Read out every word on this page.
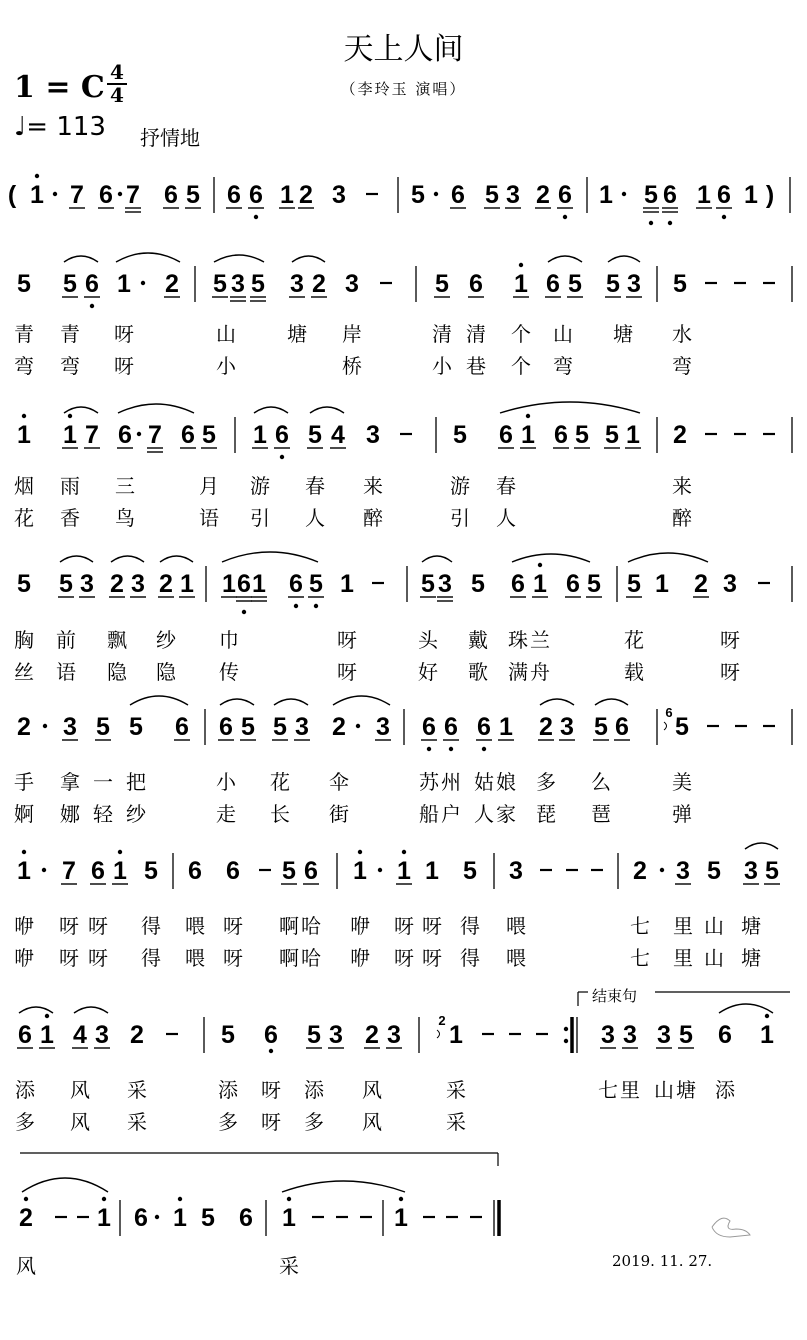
天上人间
（李玲玉 演唱）
1 = C 4
4
♩= 113 抒情地
结束句
( 1 7 6 7 6 5 6 6 1 2 3	5 6 5 3 2 6 1 5 6 1 6 1 )
5 5 6 1 2 5 3 5 3 2 3	5 6 1 6 5 5 3 5
1 1 7 6 7 6 5 1 6 5 4 3	5 6 1 6 5 5 1 2
5 5 3 2 3 2 1 1 6 1 6 5 1	5 3 5 6 1 6 5 5 1 2 3
2 3 5 5 6 6 5 5 3 2 3 6 6 6 1 2 3 5 6 5
6
1 7 6 1 5 6 6 5 6 1 1 1 5 3	2 3 5 3 5
6 1 4 3 2	5 6 5 3 2 3 1	3 3 3 5 6 1
2
2	1 6 1 5 6 1	1
青 青 呀	山	塘 岸	清 清 个 山 塘 水
弯 弯 呀	小	桥	小 巷 个 弯	弯
烟 雨 三	月 游 春 来	游 春	来
花 香 鸟	语 引 人 醉	引 人	醉
胸 前 飘 纱 巾	呀	头 戴 珠 兰	花	呀
丝 语 隐 隐 传	呀	好 歌 满 舟	载	呀
手 拿 一 把	小 花 伞	苏 州 姑 娘 多 么	美
婀 娜 轻 纱	走 长 街	船 户 人 家 琵 琶	弹
咿 呀 呀 得 喂 呀 啊 哈 咿 呀 呀 得 喂	七 里 山 塘
咿 呀 呀 得 喂 呀 啊 哈 咿 呀 呀 得 喂	七 里 山 塘
添 风 采	添 呀 添 风	采	七 里 山 塘 添
多 风 采	多 呀 多 风	采
风	采	2019. 11. 27.
